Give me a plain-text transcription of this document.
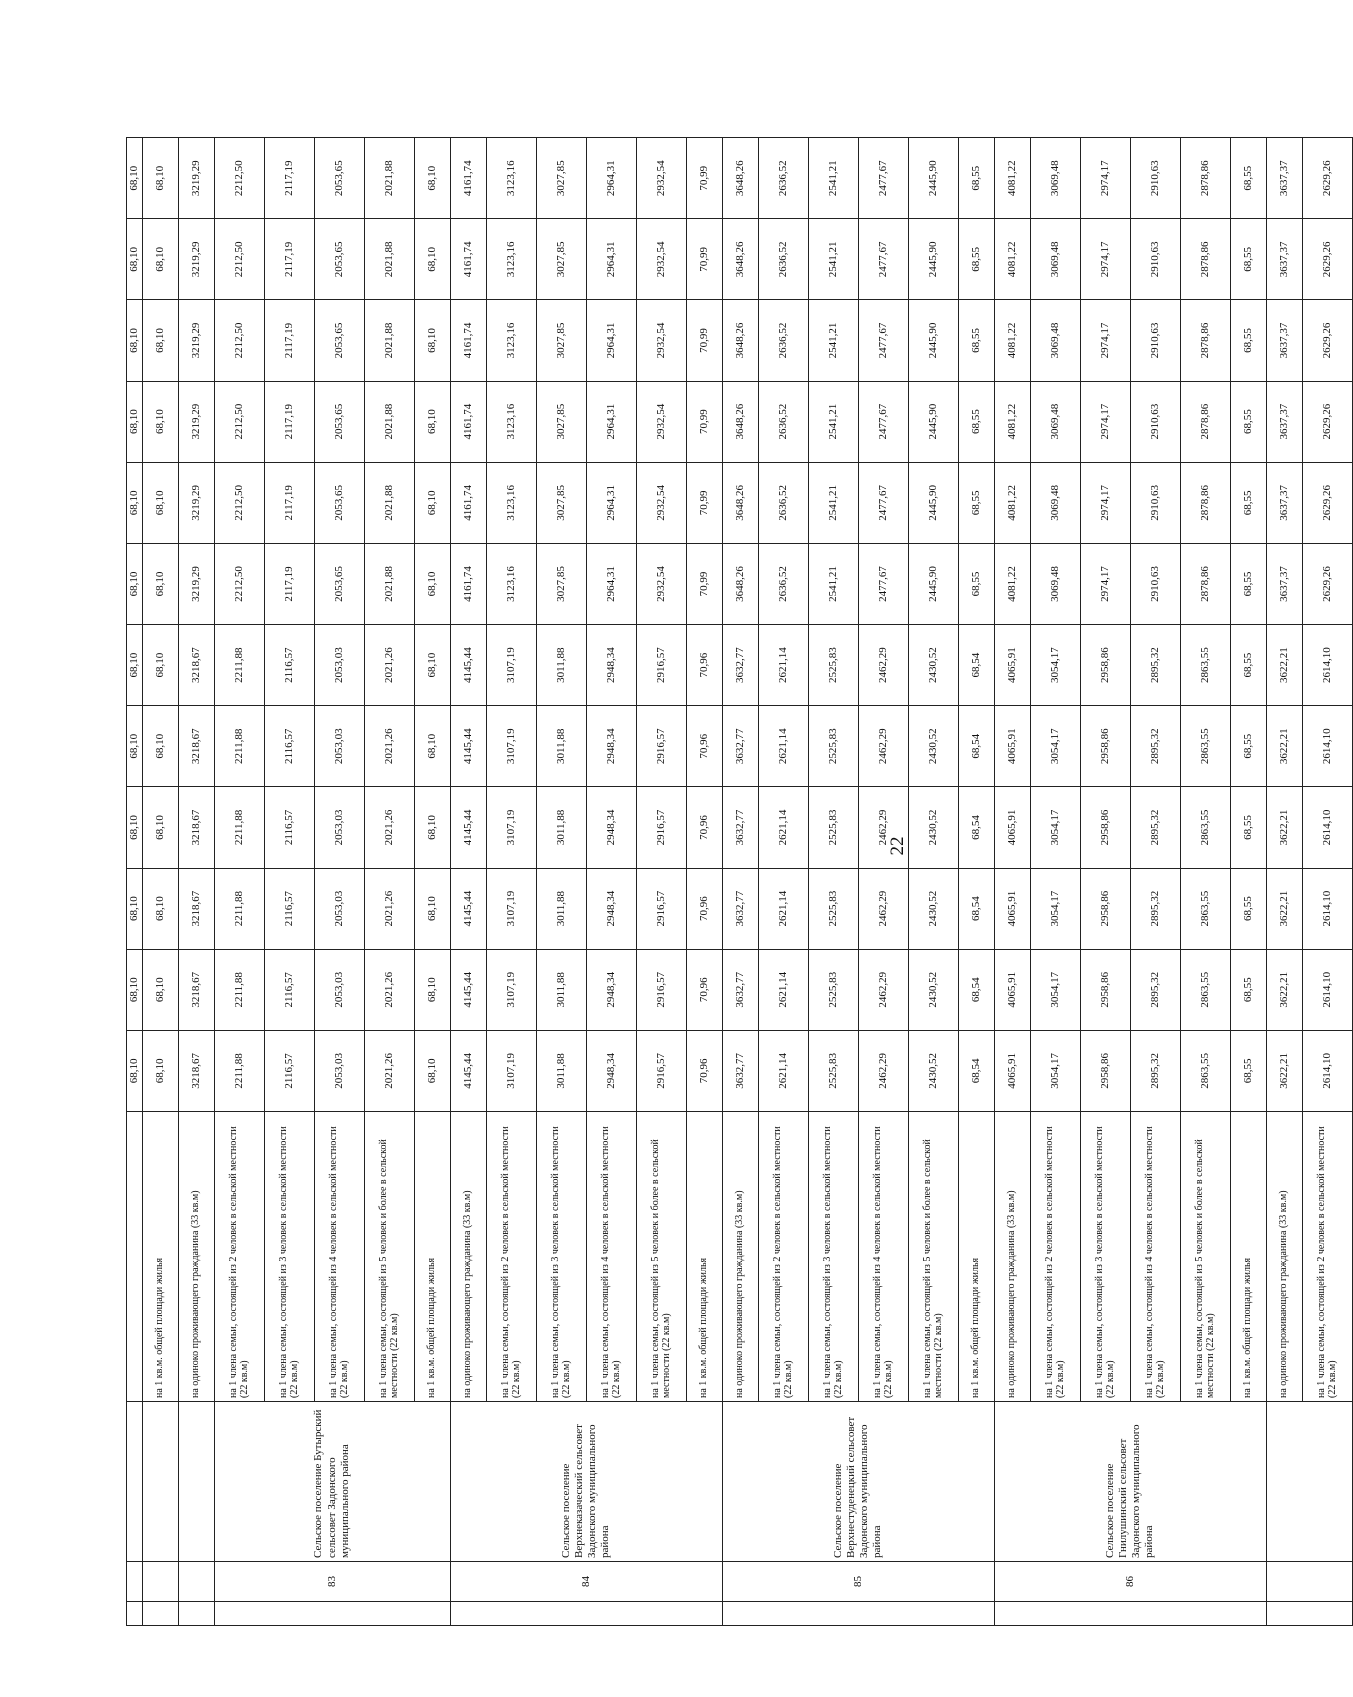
				68,10	68,10	68,10	68,10	68,10	68,10	68,10	68,10	68,10	68,10	68,10	68,10
			на 1 кв.м. общей площади жилья	68,10	68,10	68,10	68,10	68,10	68,10	68,10	68,10	68,10	68,10	68,10	68,10
			на одиноко проживающего гражданина (33 кв.м)	3218,67	3218,67	3218,67	3218,67	3218,67	3218,67	3219,29	3219,29	3219,29	3219,29	3219,29	3219,29
	83	Сельское поселение Бутырский сельсовет Задонского муниципального района	на 1 члена семьи, состоящей из 2 человек в сельской местности (22 кв.м)	2211,88	2211,88	2211,88	2211,88	2211,88	2211,88	2212,50	2212,50	2212,50	2212,50	2212,50	2212,50
			на 1 члена семьи, состоящей из 3 человек в сельской местности (22 кв.м)	2116,57	2116,57	2116,57	2116,57	2116,57	2116,57	2117,19	2117,19	2117,19	2117,19	2117,19	2117,19
			на 1 члена семьи, состоящей из 4 человек в сельской местности (22 кв.м)	2053,03	2053,03	2053,03	2053,03	2053,03	2053,03	2053,65	2053,65	2053,65	2053,65	2053,65	2053,65
			на 1 члена семьи, состоящей из 5 человек и более в сельской местности (22 кв.м)	2021,26	2021,26	2021,26	2021,26	2021,26	2021,26	2021,88	2021,88	2021,88	2021,88	2021,88	2021,88
			на 1 кв.м. общей площади жилья	68,10	68,10	68,10	68,10	68,10	68,10	68,10	68,10	68,10	68,10	68,10	68,10
	84	Сельское поселение Верхнеказаческий сельсовет Задонского муниципального района	на одиноко проживающего гражданина (33 кв.м)	4145,44	4145,44	4145,44	4145,44	4145,44	4145,44	4161,74	4161,74	4161,74	4161,74	4161,74	4161,74
			на 1 члена семьи, состоящей из 2 человек в сельской местности (22 кв.м)	3107,19	3107,19	3107,19	3107,19	3107,19	3107,19	3123,16	3123,16	3123,16	3123,16	3123,16	3123,16
			на 1 члена семьи, состоящей из 3 человек в сельской местности (22 кв.м)	3011,88	3011,88	3011,88	3011,88	3011,88	3011,88	3027,85	3027,85	3027,85	3027,85	3027,85	3027,85
			на 1 члена семьи, состоящей из 4 человек в сельской местности (22 кв.м)	2948,34	2948,34	2948,34	2948,34	2948,34	2948,34	2964,31	2964,31	2964,31	2964,31	2964,31	2964,31
			на 1 члена семьи, состоящей из 5 человек и более в сельской местности (22 кв.м)	2916,57	2916,57	2916,57	2916,57	2916,57	2916,57	2932,54	2932,54	2932,54	2932,54	2932,54	2932,54
			на 1 кв.м. общей площади жилья	70,96	70,96	70,96	70,96	70,96	70,96	70,99	70,99	70,99	70,99	70,99	70,99
	85	Сельское поселение Верхнестуденецкий сельсовет Задонского муниципального района	на одиноко проживающего гражданина (33 кв.м)	3632,77	3632,77	3632,77	3632,77	3632,77	3632,77	3648,26	3648,26	3648,26	3648,26	3648,26	3648,26
			на 1 члена семьи, состоящей из 2 человек в сельской местности (22 кв.м)	2621,14	2621,14	2621,14	2621,14	2621,14	2621,14	2636,52	2636,52	2636,52	2636,52	2636,52	2636,52
			на 1 члена семьи, состоящей из 3 человек в сельской местности (22 кв.м)	2525,83	2525,83	2525,83	2525,83	2525,83	2525,83	2541,21	2541,21	2541,21	2541,21	2541,21	2541,21
			на 1 члена семьи, состоящей из 4 человек в сельской местности (22 кв.м)	2462,29	2462,29	2462,29	2462,29	2462,29	2462,29	2477,67	2477,67	2477,67	2477,67	2477,67	2477,67
			на 1 члена семьи, состоящей из 5 человек и более в сельской местности (22 кв.м)	2430,52	2430,52	2430,52	2430,52	2430,52	2430,52	2445,90	2445,90	2445,90	2445,90	2445,90	2445,90
			на 1 кв.м. общей площади жилья	68,54	68,54	68,54	68,54	68,54	68,54	68,55	68,55	68,55	68,55	68,55	68,55
	86	Сельское поселение Гнилушинский сельсовет Задонского муниципального района	на одиноко проживающего гражданина (33 кв.м)	4065,91	4065,91	4065,91	4065,91	4065,91	4065,91	4081,22	4081,22	4081,22	4081,22	4081,22	4081,22
			на 1 члена семьи, состоящей из 2 человек в сельской местности (22 кв.м)	3054,17	3054,17	3054,17	3054,17	3054,17	3054,17	3069,48	3069,48	3069,48	3069,48	3069,48	3069,48
			на 1 члена семьи, состоящей из 3 человек в сельской местности (22 кв.м)	2958,86	2958,86	2958,86	2958,86	2958,86	2958,86	2974,17	2974,17	2974,17	2974,17	2974,17	2974,17
			на 1 члена семьи, состоящей из 4 человек в сельской местности (22 кв.м)	2895,32	2895,32	2895,32	2895,32	2895,32	2895,32	2910,63	2910,63	2910,63	2910,63	2910,63	2910,63
			на 1 члена семьи, состоящей из 5 человек и более в сельской местности (22 кв.м)	2863,55	2863,55	2863,55	2863,55	2863,55	2863,55	2878,86	2878,86	2878,86	2878,86	2878,86	2878,86
			на 1 кв.м. общей площади жилья	68,55	68,55	68,55	68,55	68,55	68,55	68,55	68,55	68,55	68,55	68,55	68,55
			на одиноко проживающего гражданина (33 кв.м)	3622,21	3622,21	3622,21	3622,21	3622,21	3622,21	3637,37	3637,37	3637,37	3637,37	3637,37	3637,37
			на 1 члена семьи, состоящей из 2 человек в сельской местности (22 кв.м)	2614,10	2614,10	2614,10	2614,10	2614,10	2614,10	2629,26	2629,26	2629,26	2629,26	2629,26	2629,26
22
